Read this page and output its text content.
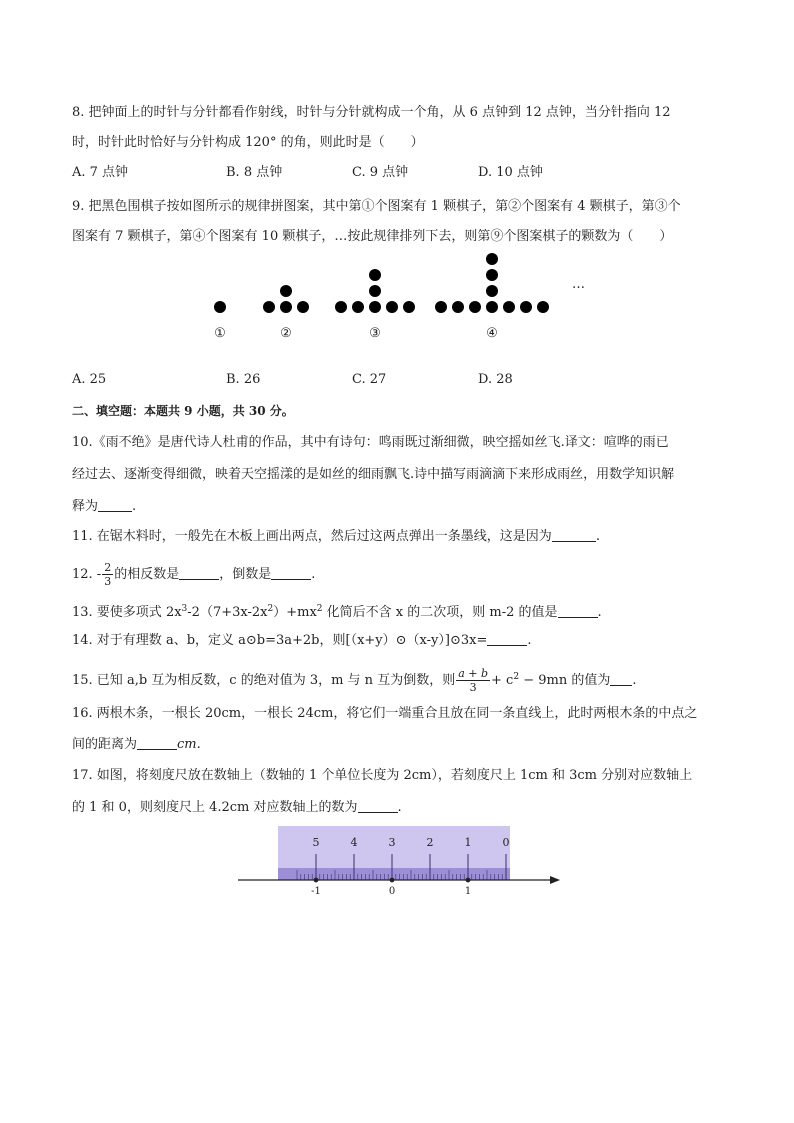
8. 把钟面上的时针与分针都看作射线，时针与分针就构成一个角，从 6 点钟到 12 点钟，当分针指向 12
时，时针此时恰好与分针构成 120° 的角，则此时是（　　）
A. 7 点钟	B. 8 点钟	C. 9 点钟	D. 10 点钟
9. 把黑色围棋子按如图所示的规律拼图案，其中第①个图案有 1 颗棋子，第②个图案有 4 颗棋子，第③个
图案有 7 颗棋子，第④个图案有 10 颗棋子，…按此规律排列下去，则第⑨个图案棋子的颗数为（　　）
…
①	②	③	④
A. 25	B. 26	C. 27	D. 28
二、填空题：本题共 9 小题，共 30 分。
10.《雨不绝》是唐代诗人杜甫的作品，其中有诗句：鸣雨既过渐细微，映空摇如丝飞.译文：喧哗的雨已
经过去、逐渐变得细微，映着天空摇漾的是如丝的细雨飘飞.诗中描写雨滴滴下来形成雨丝，用数学知识解
释为	.
11. 在锯木料时，一般先在木板上画出两点，然后过这两点弹出一条墨线，这是因为	.
12. - $\frac{2}{3}$ 的相反数是	，倒数是	.
13. 要使多项式 $2x^3-2(7+3x-2x^2)+mx^2$ 化简后不含 x 的二次项，则 m-2 的值是	.
14. 对于有理数 a、b，定义 a⊙b=3a+2b，则[（x+y）⊙（x-y）]⊙3x=	.
15. 已知 a,b 互为相反数，c 的绝对值为 3，m 与 n 互为倒数，则 $\frac{a + b}{3} + c^2 - 9mn$ 的值为 .
16. 两根木条，一根长 20cm，一根长 24cm，将它们一端重合且放在同一条直线上，此时两根木条的中点之
间的距离为	cm.
17. 如图，将刻度尺放在数轴上（数轴的 1 个单位长度为 2cm），若刻度尺上 1cm 和 3cm 分别对应数轴上
的 1 和 0，则刻度尺上 4.2cm 对应数轴上的数为	.
5	4	3	2	1	0
-1	0	1
